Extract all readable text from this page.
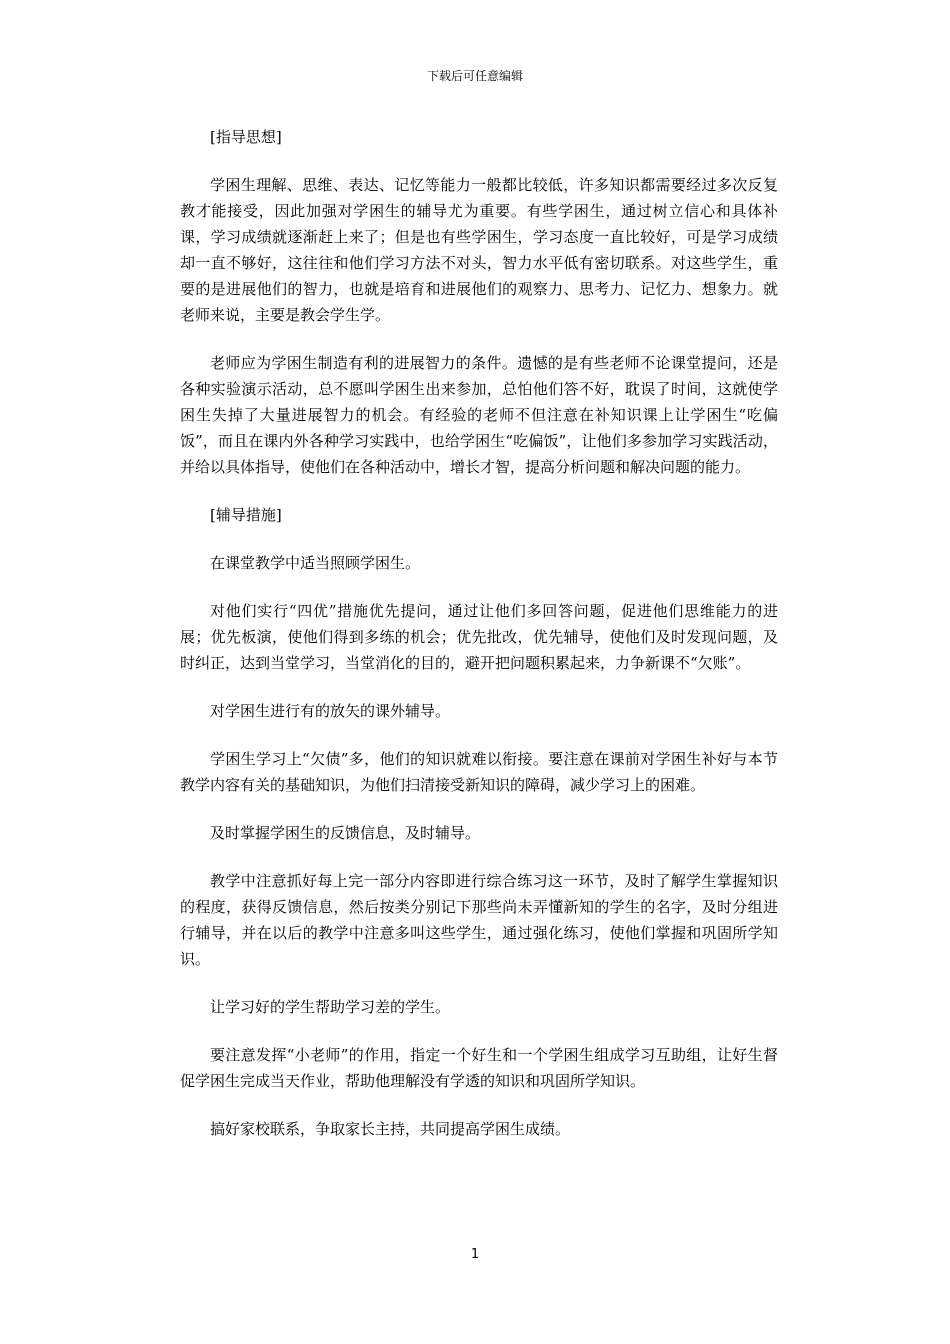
下载后可任意编辑

[指导思想]

学困生理解、思维、表达、记忆等能力一般都比较低，许多知识都需要经过多次反复教才能接受，因此加强对学困生的辅导尤为重要。有些学困生，通过树立信心和具体补课，学习成绩就逐渐赶上来了；但是也有些学困生，学习态度一直比较好，可是学习成绩却一直不够好，这往往和他们学习方法不对头，智力水平低有密切联系。对这些学生，重要的是进展他们的智力，也就是培育和进展他们的观察力、思考力、记忆力、想象力。就老师来说，主要是教会学生学。

老师应为学困生制造有利的进展智力的条件。遗憾的是有些老师不论课堂提问，还是各种实验演示活动，总不愿叫学困生出来参加，总怕他们答不好，耽误了时间，这就使学困生失掉了大量进展智力的机会。有经验的老师不但注意在补知识课上让学困生“吃偏饭”，而且在课内外各种学习实践中，也给学困生“吃偏饭”，让他们多参加学习实践活动，并给以具体指导，使他们在各种活动中，增长才智，提高分析问题和解决问题的能力。

[辅导措施]

在课堂教学中适当照顾学困生。

对他们实行“四优”措施优先提问，通过让他们多回答问题，促进他们思维能力的进展；优先板演，使他们得到多练的机会；优先批改，优先辅导，使他们及时发现问题，及时纠正，达到当堂学习，当堂消化的目的，避开把问题积累起来，力争新课不“欠账”。

对学困生进行有的放矢的课外辅导。

学困生学习上“欠债”多，他们的知识就难以衔接。要注意在课前对学困生补好与本节教学内容有关的基础知识，为他们扫清接受新知识的障碍，减少学习上的困难。

及时掌握学困生的反馈信息，及时辅导。

教学中注意抓好每上完一部分内容即进行综合练习这一环节，及时了解学生掌握知识的程度，获得反馈信息，然后按类分别记下那些尚未弄懂新知的学生的名字，及时分组进行辅导，并在以后的教学中注意多叫这些学生，通过强化练习，使他们掌握和巩固所学知识。

让学习好的学生帮助学习差的学生。

要注意发挥“小老师”的作用，指定一个好生和一个学困生组成学习互助组，让好生督促学困生完成当天作业，帮助他理解没有学透的知识和巩固所学知识。

搞好家校联系，争取家长主持，共同提高学困生成绩。

1
